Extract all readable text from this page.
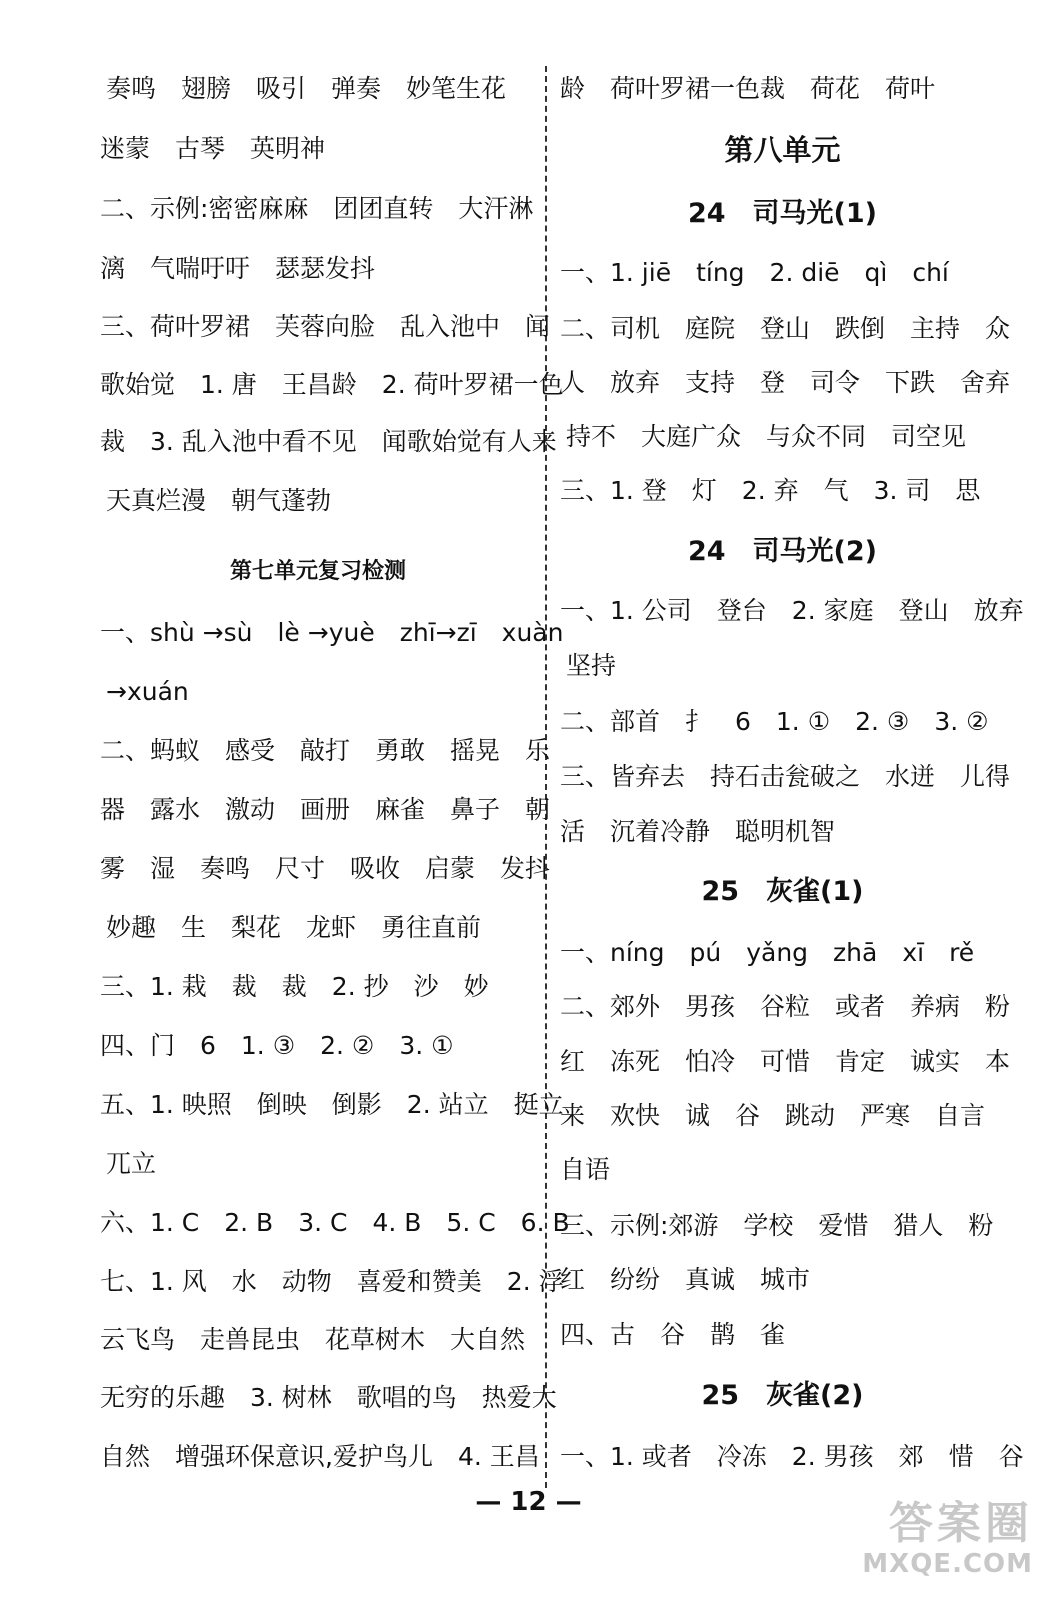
奏鸣　翅膀　吸引　弹奏　妙笔生花
迷蒙　古琴　英明神
二、示例:密密麻麻　团团直转　大汗淋
漓　气喘吁吁　瑟瑟发抖
三、荷叶罗裙　芙蓉向脸　乱入池中　闻
歌始觉　1. 唐　王昌龄　2. 荷叶罗裙一色
裁　3. 乱入池中看不见　闻歌始觉有人来
天真烂漫　朝气蓬勃
第七单元复习检测
一、shù →sù　lè →yuè　zhī→zī　xuàn
→xuán
二、蚂蚁　感受　敲打　勇敢　摇晃　乐
器　露水　激动　画册　麻雀　鼻子　朝
雾　湿　奏鸣　尺寸　吸收　启蒙　发抖
妙趣　生　梨花　龙虾　勇往直前
三、1. 栽　裁　裁　2. 抄　沙　妙
四、门　6　1. ③　2. ②　3. ①
五、1. 映照　倒映　倒影　2. 站立　挺立
兀立
六、1. C　2. B　3. C　4. B　5. C　6. B
七、1. 风　水　动物　喜爱和赞美　2. 浮
云飞鸟　走兽昆虫　花草树木　大自然
无穷的乐趣　3. 树林　歌唱的鸟　热爱大
自然　增强环保意识,爱护鸟儿　4. 王昌
龄　荷叶罗裙一色裁　荷花　荷叶
第八单元
24　司马光(1)
一、1. jiē　tíng　2. diē　qì　chí
二、司机　庭院　登山　跌倒　主持　众
人　放弃　支持　登　司令　下跌　舍弃
持不　大庭广众　与众不同　司空见
三、1. 登　灯　2. 弃　气　3. 司　思
24　司马光(2)
一、1. 公司　登台　2. 家庭　登山　放弃
坚持
二、部首　扌　6　1. ①　2. ③　3. ②
三、皆弃去　持石击瓮破之　水迸　儿得
活　沉着冷静　聪明机智
25　灰雀(1)
一、níng　pú　yǎng　zhā　xī　rě
二、郊外　男孩　谷粒　或者　养病　粉
红　冻死　怕冷　可惜　肯定　诚实　本
来　欢快　诚　谷　跳动　严寒　自言
自语
三、示例:郊游　学校　爱惜　猎人　粉
红　纷纷　真诚　城市
四、古　谷　鹊　雀
25　灰雀(2)
一、1. 或者　冷冻　2. 男孩　郊　惜　谷
— 12 —	答案圈
MXQE.COM
